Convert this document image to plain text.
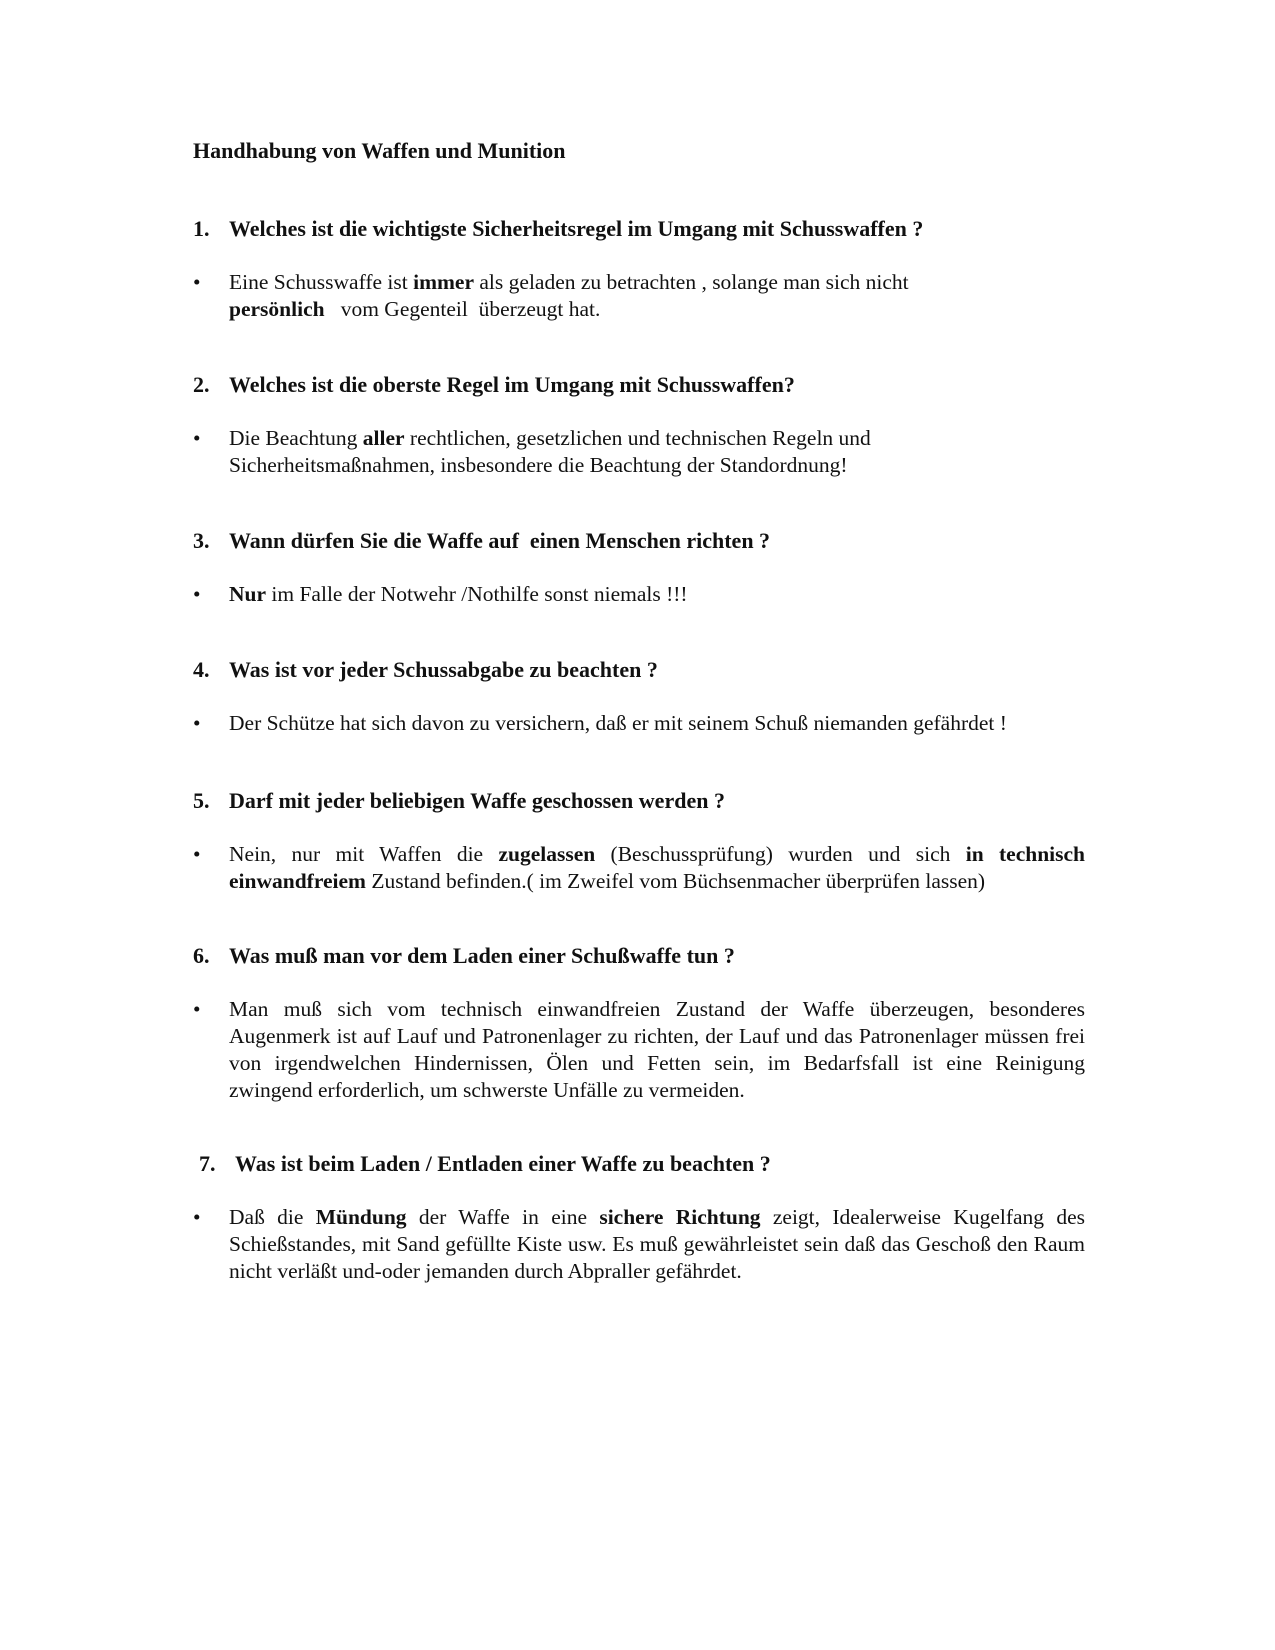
Handhabung von Waffen und Munition

1. Welches ist die wichtigste Sicherheitsregel im Umgang mit Schusswaffen ?

• Eine Schusswaffe ist immer als geladen zu betrachten , solange man sich nicht
persönlich   vom Gegenteil  überzeugt hat.

2. Welches ist die oberste Regel im Umgang mit Schusswaffen?

• Die Beachtung aller rechtlichen, gesetzlichen und technischen Regeln und
Sicherheitsmaßnahmen, insbesondere die Beachtung der Standordnung!

3. Wann dürfen Sie die Waffe auf  einen Menschen richten ?

• Nur im Falle der Notwehr /Nothilfe sonst niemals !!!

4. Was ist vor jeder Schussabgabe zu beachten ?

• Der Schütze hat sich davon zu versichern, daß er mit seinem Schuß niemanden gefährdet !

5. Darf mit jeder beliebigen Waffe geschossen werden ?

• Nein, nur mit Waffen die zugelassen (Beschussprüfung) wurden und sich in technisch einwandfreiem Zustand befinden.( im Zweifel vom Büchsenmacher überprüfen lassen)

6. Was muß man vor dem Laden einer Schußwaffe tun ?

• Man muß sich vom technisch einwandfreien Zustand der Waffe überzeugen, besonderes Augenmerk ist auf Lauf und Patronenlager zu richten, der Lauf und das Patronenlager müssen frei von irgendwelchen Hindernissen, Ölen und Fetten sein, im Bedarfsfall ist eine Reinigung zwingend erforderlich, um schwerste Unfälle zu vermeiden.

7. Was ist beim Laden / Entladen einer Waffe zu beachten ?

• Daß die Mündung der Waffe in eine sichere Richtung zeigt, Idealerweise Kugelfang des Schießstandes, mit Sand gefüllte Kiste usw. Es muß gewährleistet sein daß das Geschoß den Raum nicht verläßt und-oder jemanden durch Abpraller gefährdet.
